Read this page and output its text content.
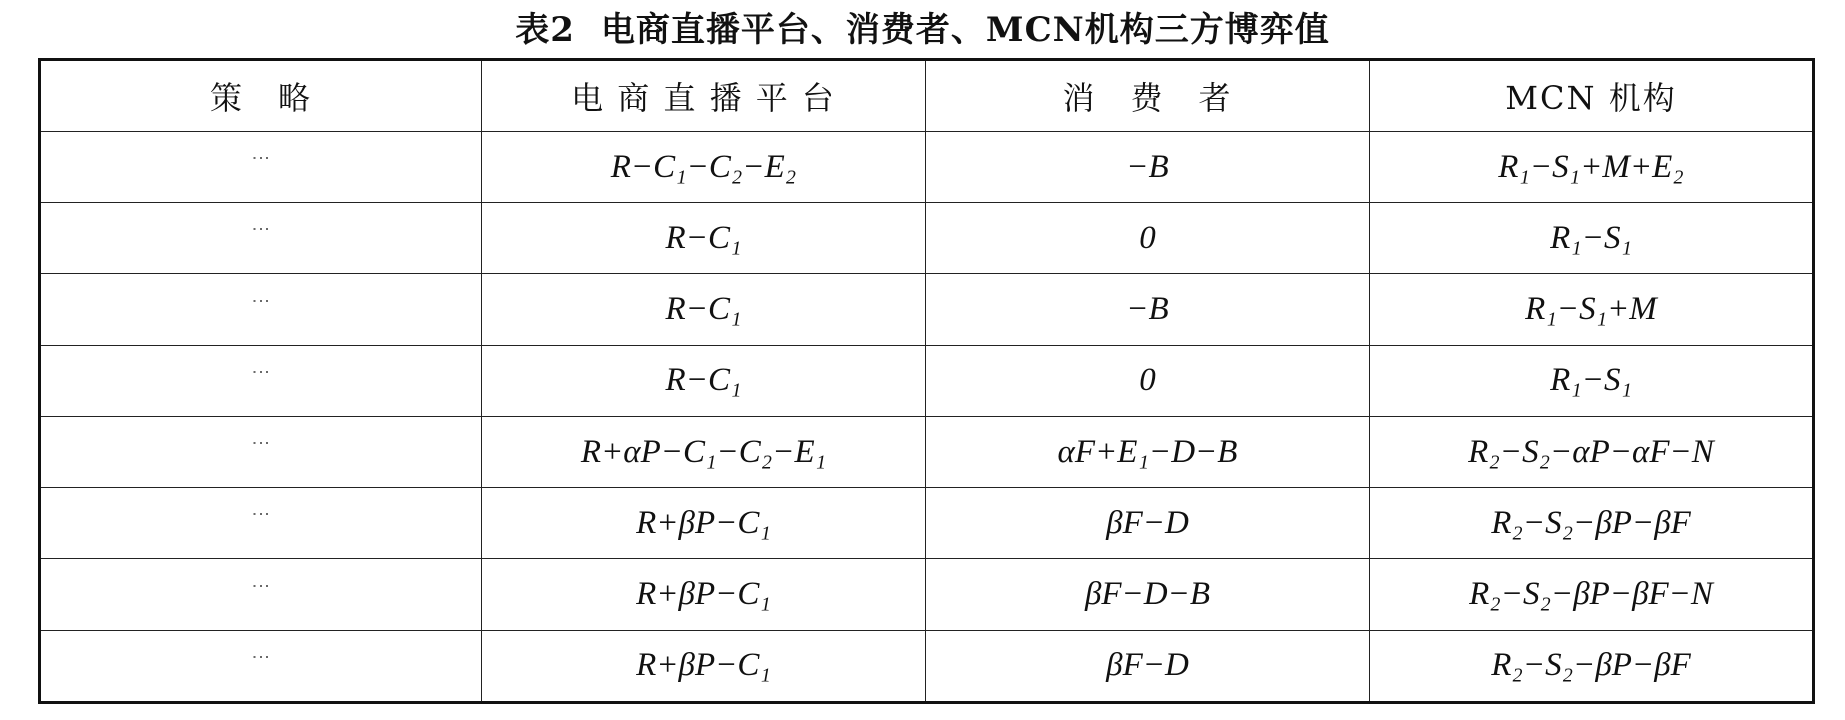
表2 电商直播平台、消费者、MCN机构三方博弈值
策　略	电 商 直 播 平 台	消　费　者	MCN 机构
⋮	R−C₁−C₂−E₂	−B	R₁−S₁+M+E₂
⋮	R−C₁	0	R₁−S₁
⋮	R−C₁	−B	R₁−S₁+M
⋮	R−C₁	0	R₁−S₁
⋮	R+αP−C₁−C₂−E₁	αF+E₁−D−B	R₂−S₂−αP−αF−N
⋮	R+βP−C₁	βF−D	R₂−S₂−βP−βF
⋮	R+βP−C₁	βF−D−B	R₂−S₂−βP−βF−N
⋮	R+βP−C₁	βF−D	R₂−S₂−βP−βF
